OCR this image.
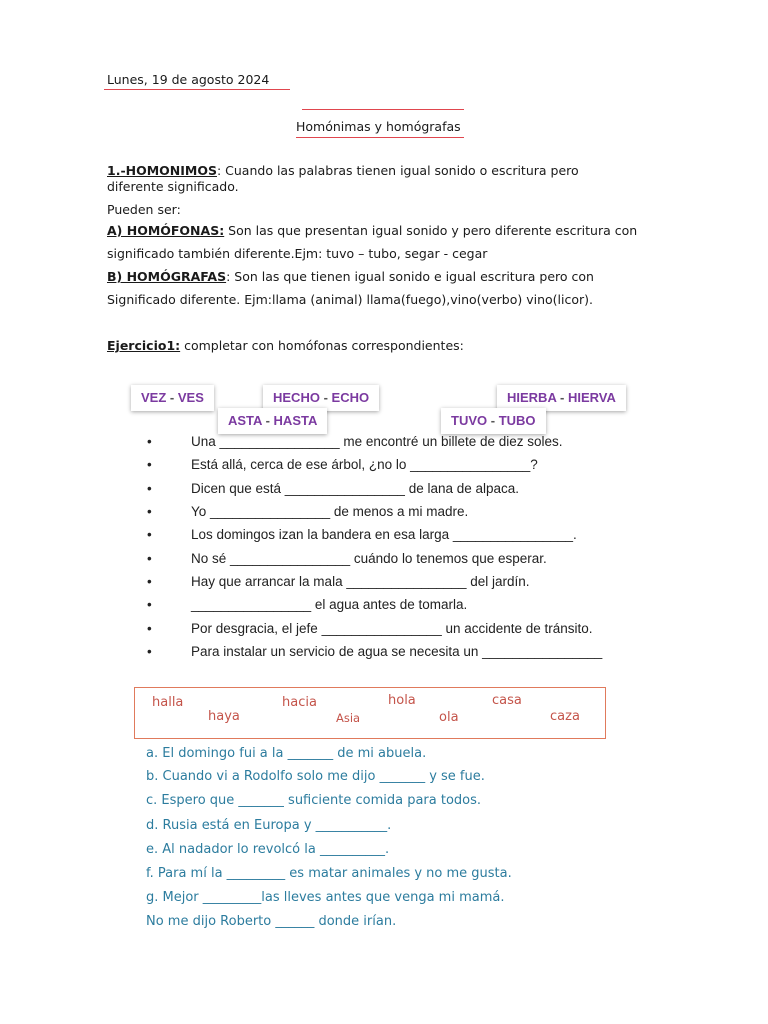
Lunes, 19 de agosto 2024
Homónimas y homógrafas
1.-HOMONIMOS: Cuando las palabras tienen igual sonido o escritura pero
diferente significado.
Pueden ser:
A) HOMÓFONAS: Son las que presentan igual sonido y pero diferente escritura con
significado también diferente.Ejm: tuvo – tubo, segar - cegar
B) HOMÓGRAFAS: Son las que tienen igual sonido e igual escritura pero con
Significado diferente. Ejm:llama (animal) llama(fuego),vino(verbo) vino(licor).
Ejercicio1: completar con homófonas correspondientes:
VEZ - VES	HECHO - ECHO	HIERBA - HIERVA
ASTA - HASTA	TUVO - TUBO
•	Una ________________ me encontré un billete de diez soles.
•	Está allá, cerca de ese árbol, ¿no lo ________________?
•	Dicen que está ________________ de lana de alpaca.
•	Yo ________________ de menos a mi madre.
•	Los domingos izan la bandera en esa larga ________________.
•	No sé ________________ cuándo lo tenemos que esperar.
•	Hay que arrancar la mala ________________ del jardín.
•	________________ el agua antes de tomarla.
•	Por desgracia, el jefe ________________ un accidente de tránsito.
•	Para instalar un servicio de agua se necesita un ________________
halla	hacia	hola	casa
haya	Asia	ola	caza
a. El domingo fui a la _______ de mi abuela.
b. Cuando vi a Rodolfo solo me dijo _______ y se fue.
c. Espero que _______ suficiente comida para todos.
d. Rusia está en Europa y ___________.
e. Al nadador lo revolcó la __________.
f. Para mí la _________ es matar animales y no me gusta.
g. Mejor _________las lleves antes que venga mi mamá.
No me dijo Roberto ______ donde irían.
